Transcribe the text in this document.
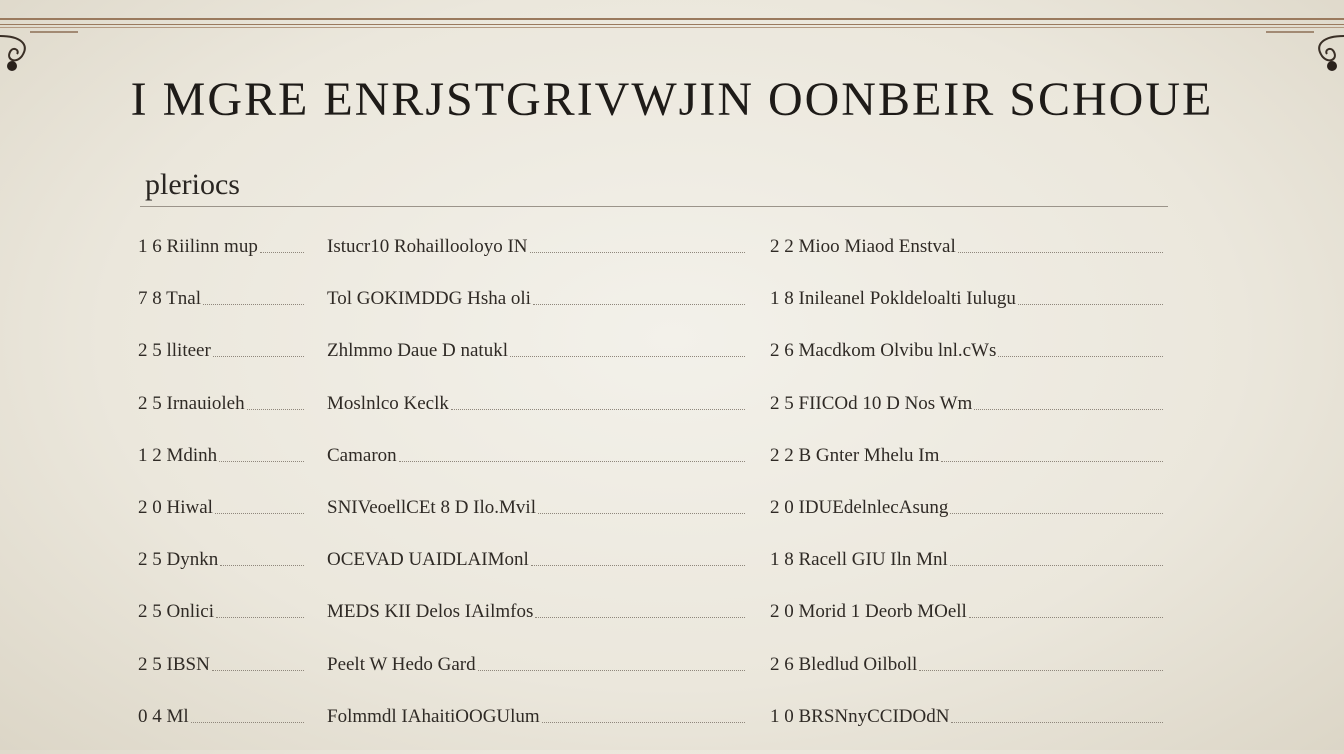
I MGRE ENRJSTGRIVWJIN OONBEIR SCHOUE
pleriocs
1 6 Riilinn mup	Istucr10 Rohaillooloyo IN	2 2 Mioo Miaod Enstval
7 8 Tnal	Tol GOKIMDDG Hsha oli	1 8 Inileanel Pokldeloalti Iulugu
2 5 lliteer	Zhlmmo Daue D natukl	2 6 Macdkom Olvibu lnl.cWs
2 5 Irnauioleh	Moslnlco Keclk	2 5 FIICOd 10 D Nos Wm
1 2 Mdinh	Camaron	2 2 B Gnter Mhelu Im
2 0 Hiwal	SNIVeoellCEt 8 D Ilo.Mvil	2 0 IDUEdelnlecAsung
2 5 Dynkn	OCEVAD UAIDLAIMonl	1 8 Racell GIU Iln Mnl
2 5 Onlici	MEDS KII Delos IAilmfos	2 0 Morid 1 Deorb MOell
2 5 IBSN	Peelt W Hedo Gard	2 6 Bledlud Oilboll
0 4 Ml	Folmmdl IAhaitiOOGUlum	1 0 BRSNnyCCIDOdN
